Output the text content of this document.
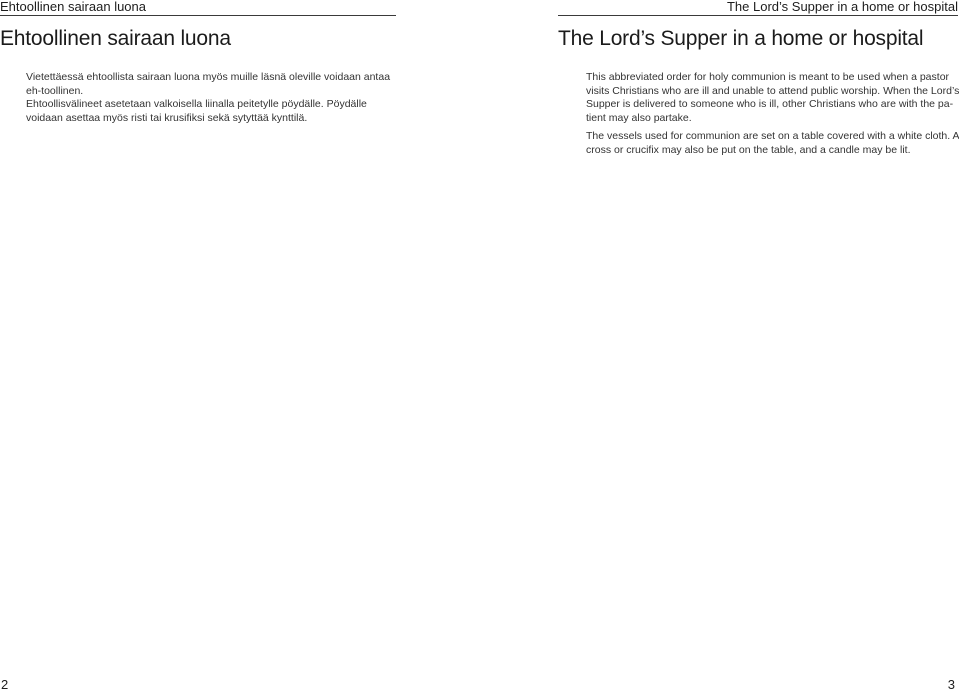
Ehtoollinen sairaan luona
Ehtoollinen sairaan luona

Vietettäessä ehtoollista sairaan luona myös muille läsnä oleville voidaan antaa eh-toollinen.

Ehtoollisvälineet asetetaan valkoisella liinalla peitetylle pöydälle. Pöydälle voidaan asettaa myös risti tai krusifiksi sekä sytyttää kynttilä.

2
The Lord’s Supper in a home or hospital
The Lord’s Supper in a home or hospital

This abbreviated order for holy communion is meant to be used when a pastor visits Christians who are ill and unable to attend public worship. When the Lord’s Supper is delivered to someone who is ill, other Christians who are with the pa-tient may also partake.

The vessels used for communion are set on a table covered with a white cloth. A cross or crucifix may also be put on the table, and a candle may be lit.

3
